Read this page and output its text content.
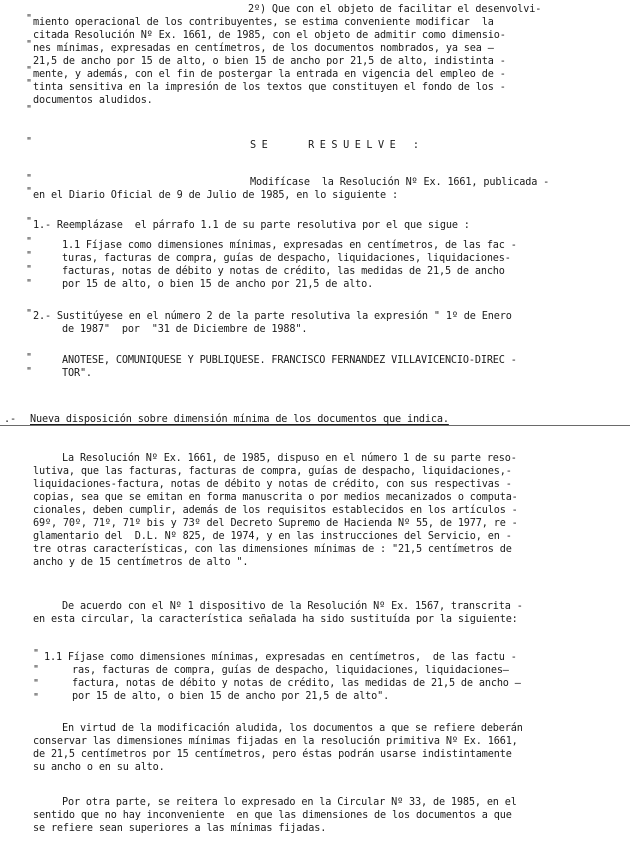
2º) Que con el objeto de facilitar el desenvolvi-
miento operacional de los contribuyentes, se estima conveniente modificar  la
citada Resolución Nº Ex. 1661, de 1985, con el objeto de admitir como dimensio-
nes mínimas, expresadas en centímetros, de los documentos nombrados, ya sea —
21,5 de ancho por 15 de alto, o bien 15 de ancho por 21,5 de alto, indistinta -
mente, y además, con el fin de postergar la entrada en vigencia del empleo de -
tinta sensitiva en la impresión de los textos que constituyen el fondo de los -
documentos aludidos.
SE   RESUELVE :
Modifícase  la Resolución Nº Ex. 1661, publicada -
en el Diario Oficial de 9 de Julio de 1985, en lo siguiente :
1.- Reemplázase  el párrafo 1.1 de su parte resolutiva por el que sigue :
1.1 Fíjase como dimensiones mínimas, expresadas en centímetros, de las fac -
turas, facturas de compra, guías de despacho, liquidaciones, liquidaciones-
facturas, notas de débito y notas de crédito, las medidas de 21,5 de ancho
por 15 de alto, o bien 15 de ancho por 21,5 de alto.
2.- Sustitúyese en el número 2 de la parte resolutiva la expresión " 1º de Enero
de 1987"  por  "31 de Diciembre de 1988".
ANOTESE, COMUNIQUESE Y PUBLIQUESE. FRANCISCO FERNANDEZ VILLAVICENCIO-DIREC -
TOR".
"
"
"
"
"
"
"
"
"
"
"
"
"
"
"
"
.- Nueva disposición sobre dimensión mínima de los documentos que indica.
La Resolución Nº Ex. 1661, de 1985, dispuso en el número 1 de su parte reso-
lutiva, que las facturas, facturas de compra, guías de despacho, liquidaciones,-
liquidaciones-factura, notas de débito y notas de crédito, con sus respectivas -
copias, sea que se emitan en forma manuscrita o por medios mecanizados o computa-
cionales, deben cumplir, además de los requisitos establecidos en los artículos -
69º, 70º, 71º, 71º bis y 73º del Decreto Supremo de Hacienda Nº 55, de 1977, re -
glamentario del  D.L. Nº 825, de 1974, y en las instrucciones del Servicio, en -
tre otras características, con las dimensiones mínimas de : "21,5 centímetros de
ancho y de 15 centímetros de alto ".
De acuerdo con el Nº 1 dispositivo de la Resolución Nº Ex. 1567, transcrita -
en esta circular, la característica señalada ha sido sustituída por la siguiente:
" 1.1 Fíjase como dimensiones mínimas, expresadas en centímetros,  de las factu -
ras, facturas de compra, guías de despacho, liquidaciones, liquidaciones—
factura, notas de débito y notas de crédito, las medidas de 21,5 de ancho —
por 15 de alto, o bien 15 de ancho por 21,5 de alto".
"
"
"
En virtud de la modificación aludida, los documentos a que se refiere deberán
conservar las dimensiones mínimas fijadas en la resolución primitiva Nº Ex. 1661,
de 21,5 centímetros por 15 centímetros, pero éstas podrán usarse indistintamente
su ancho o en su alto.
Por otra parte, se reitera lo expresado en la Circular Nº 33, de 1985, en el
sentido que no hay inconveniente  en que las dimensiones de los documentos a que
se refiere sean superiores a las mínimas fijadas.
